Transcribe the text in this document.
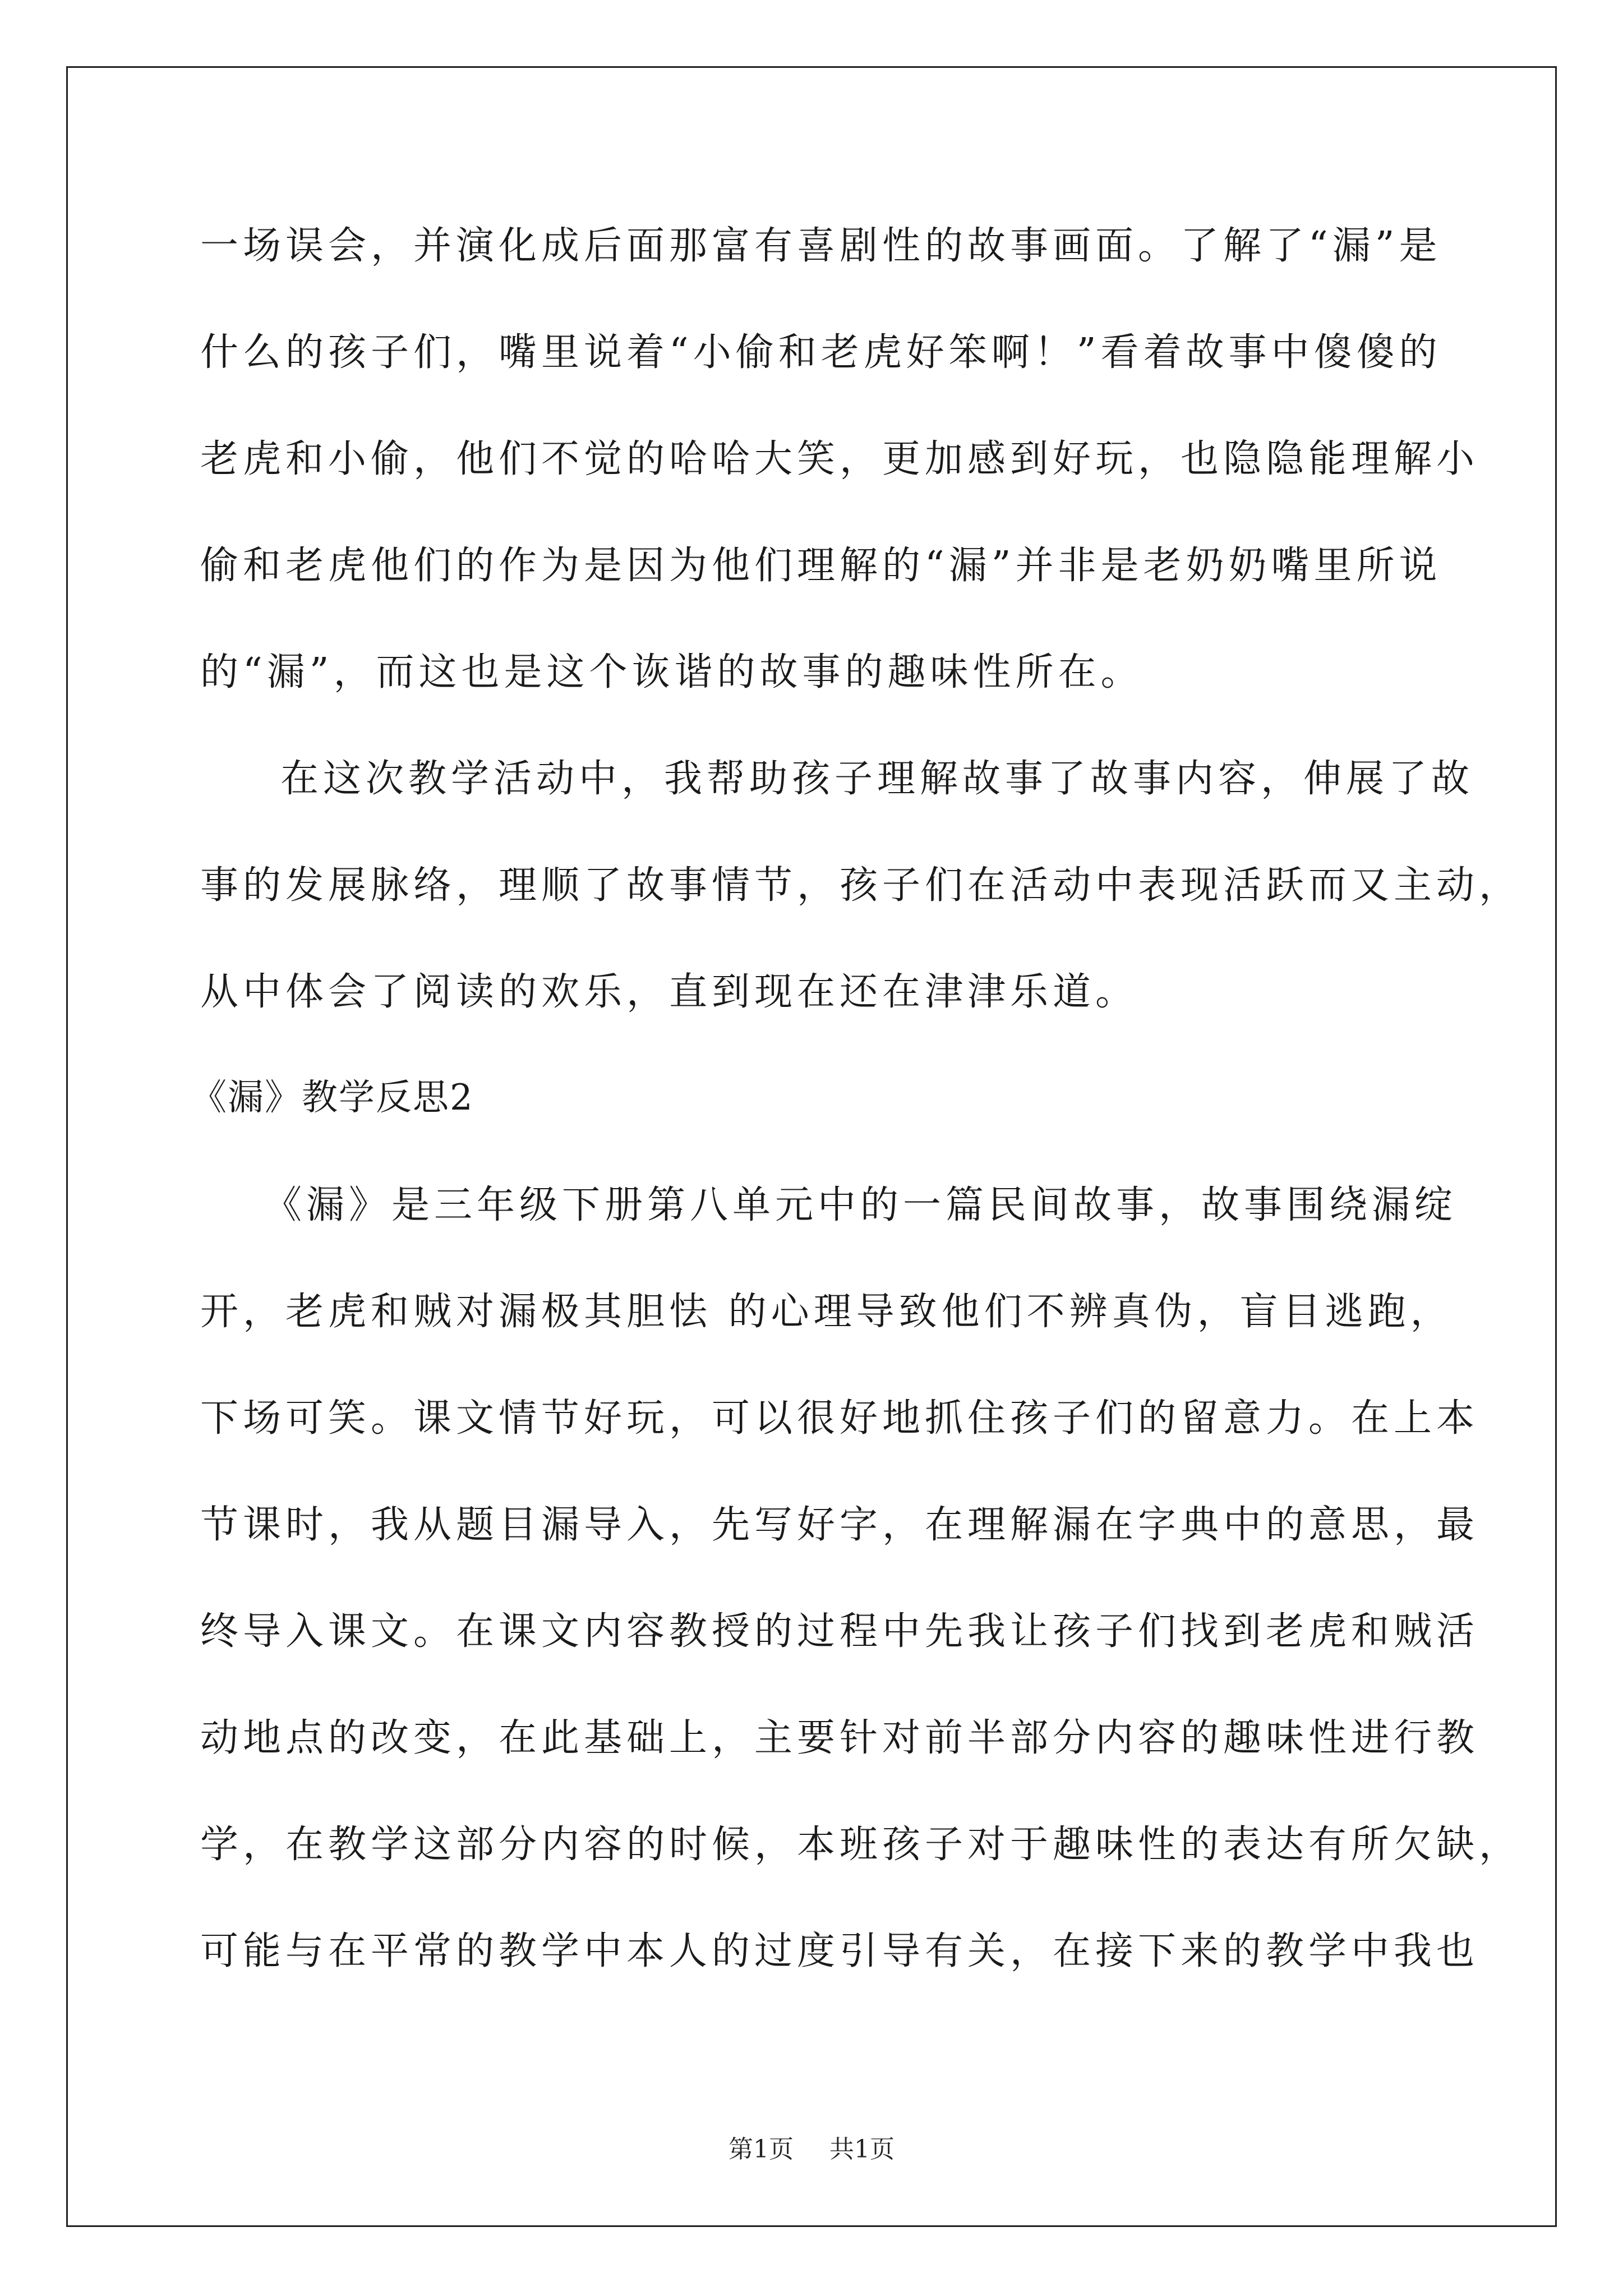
一场误会，并演化成后面那富有喜剧性的故事画面。了解了“漏”是
什么的孩子们，嘴里说着“小偷和老虎好笨啊！”看着故事中傻傻的
老虎和小偷，他们不觉的哈哈大笑，更加感到好玩，也隐隐能理解小
偷和老虎他们的作为是因为他们理解的“漏”并非是老奶奶嘴里所说
的“漏”，而这也是这个诙谐的故事的趣味性所在。
在这次教学活动中，我帮助孩子理解故事了故事内容，伸展了故
事的发展脉络，理顺了故事情节，孩子们在活动中表现活跃而又主动，
从中体会了阅读的欢乐，直到现在还在津津乐道。
《漏》教学反思2
《漏》是三年级下册第八单元中的一篇民间故事，故事围绕漏绽
开，老虎和贼对漏极其胆怯 的心理导致他们不辨真伪，盲目逃跑，
下场可笑。课文情节好玩，可以很好地抓住孩子们的留意力。在上本
节课时，我从题目漏导入，先写好字，在理解漏在字典中的意思，最
终导入课文。在课文内容教授的过程中先我让孩子们找到老虎和贼活
动地点的改变，在此基础上，主要针对前半部分内容的趣味性进行教
学，在教学这部分内容的时候，本班孩子对于趣味性的表达有所欠缺，
可能与在平常的教学中本人的过度引导有关，在接下来的教学中我也
第1页 共1页
